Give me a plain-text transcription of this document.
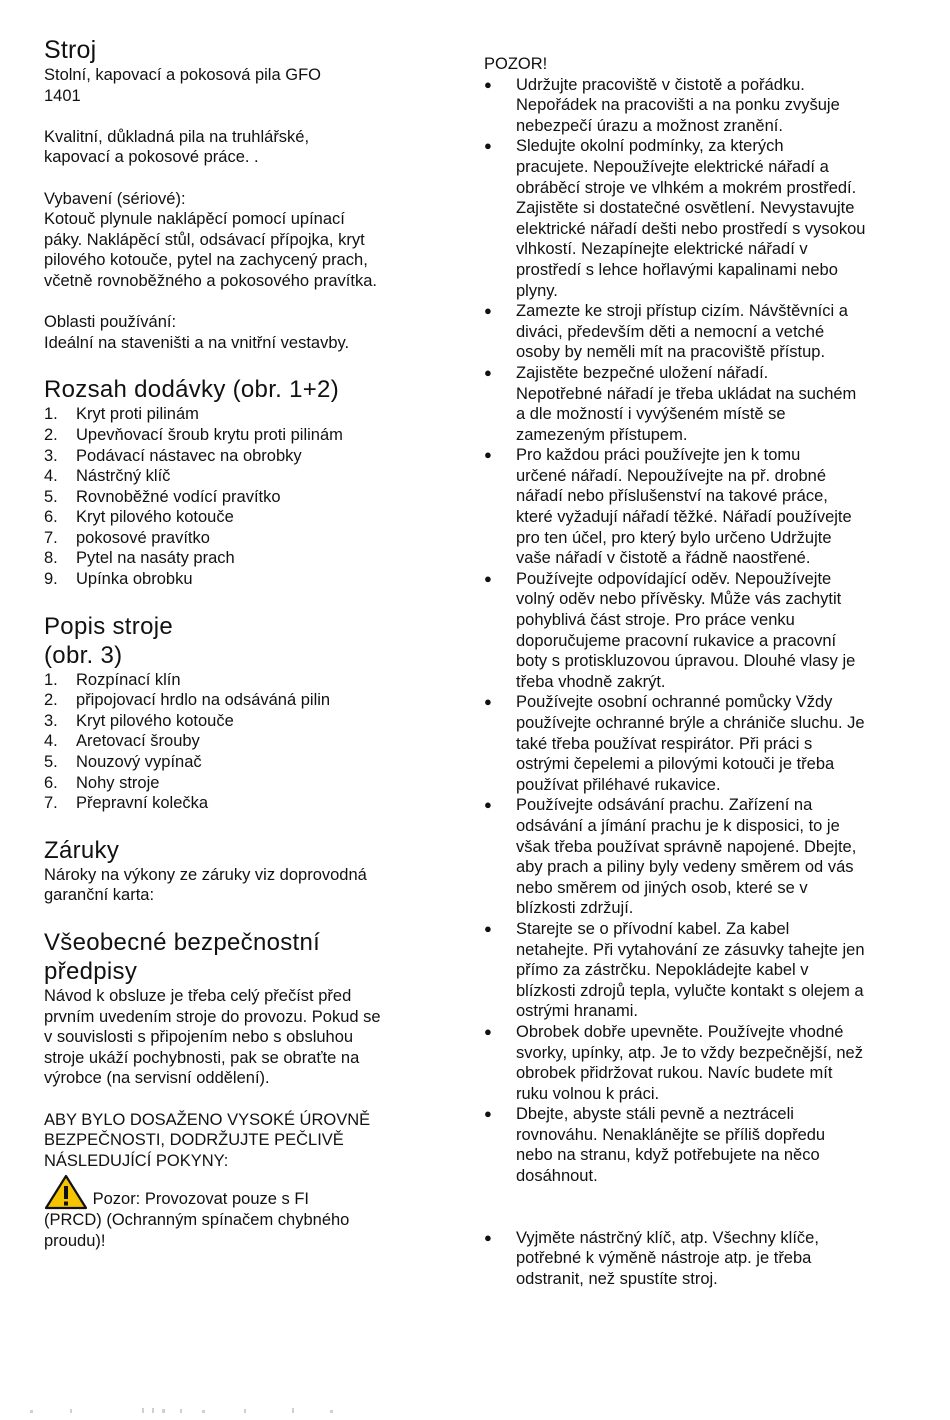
Stroj

Stolní, kapovací a pokosová pila GFO

1401

Kvalitní, důkladná pila na truhlářské,

kapovací a pokosové práce. .

Vybavení (sériové):

Kotouč plynule naklápěcí pomocí upínací

páky. Naklápěcí stůl, odsávací přípojka, kryt

pilového kotouče, pytel na zachycený prach,

včetně rovnoběžného a pokosového pravítka.

Oblasti používání:

Ideální na staveništi a na vnitřní vestavby.

Rozsah dodávky (obr. 1+2)
1. Kryt proti pilinám
2. Upevňovací šroub krytu proti pilinám
3. Podávací nástavec na obrobky
4. Nástrčný klíč
5. Rovnoběžné vodící pravítko
6. Kryt pilového kotouče
7. pokosové pravítko
8. Pytel na nasáty prach
9. Upínka obrobku
Popis stroje
(obr. 3)
1. Rozpínací klín
2. připojovací hrdlo na odsáváná pilin
3. Kryt pilového kotouče
4. Aretovací šrouby
5. Nouzový vypínač
6. Nohy stroje
7. Přepravní kolečka
Záruky

Nároky na výkony ze záruky viz doprovodná

garanční karta:

Všeobecné bezpečnostní
předpisy

Návod k obsluze je třeba celý přečíst před

prvním uvedením stroje do provozu. Pokud se

v souvislosti s připojením nebo s obsluhou

stroje ukáží pochybnosti, pak se obraťte na

výrobce (na servisní oddělení).

ABY BYLO DOSAŽENO VYSOKÉ ÚROVNĚ

BEZPEČNOSTI, DODRŽUJTE PEČLIVĚ

NÁSLEDUJÍCÍ POKYNY:

Pozor: Provozovat pouze s FI

(PRCD) (Ochranným spínačem chybného

proudu)!

POZOR!

● Udržujte pracoviště v čistotě a pořádku.
Nepořádek na pracovišti a na ponku zvyšuje
nebezpečí úrazu a možnost zranění.
● Sledujte okolní podmínky, za kterých
pracujete. Nepoužívejte elektrické nářadí a
obráběcí stroje ve vlhkém a mokrém prostředí.
Zajistěte si dostatečné osvětlení. Nevystavujte
elektrické nářadí dešti nebo prostředí s vysokou
vlhkostí. Nezapínejte elektrické nářadí v
prostředí s lehce hořlavými kapalinami nebo
plyny.
● Zamezte ke stroji přístup cizím. Návštěvníci a
diváci, především děti a nemocní a vetché
osoby by neměli mít na pracoviště přístup.
● Zajistěte bezpečné uložení nářadí.
Nepotřebné nářadí je třeba ukládat na suchém
a dle možností i vyvýšeném místě se
zamezeným přístupem.
● Pro každou práci používejte jen k tomu
určené nářadí. Nepoužívejte na př. drobné
nářadí nebo příslušenství na takové práce,
které vyžadují nářadí těžké. Nářadí používejte
pro ten účel, pro který bylo určeno Udržujte
vaše nářadí v čistotě a řádně naostřené.
● Používejte odpovídající oděv. Nepoužívejte
volný oděv nebo přívěsky. Může vás zachytit
pohyblivá část stroje. Pro práce venku
doporučujeme pracovní rukavice a pracovní
boty s protiskluzovou úpravou. Dlouhé vlasy je
třeba vhodně zakrýt.
● Používejte osobní ochranné pomůcky Vždy
používejte ochranné brýle a chrániče sluchu. Je
také třeba používat respirátor. Při práci s
ostrými čepelemi a pilovými kotouči je třeba
používat přiléhavé rukavice.
● Používejte odsávání prachu. Zařízení na
odsávání a jímání prachu je k disposici, to je
však třeba používat správně napojené. Dbejte,
aby prach a piliny byly vedeny směrem od vás
nebo směrem od jiných osob, které se v
blízkosti zdržují.
● Starejte se o přívodní kabel. Za kabel
netahejte. Při vytahování ze zásuvky tahejte jen
přímo za zástrčku. Nepokládejte kabel v
blízkosti zdrojů tepla, vylučte kontakt s olejem a
ostrými hranami.
● Obrobek dobře upevněte. Používejte vhodné
svorky, upínky, atp. Je to vždy bezpečnější, než
obrobek přidržovat rukou. Navíc budete mít
ruku volnou k práci.
● Dbejte, abyste stáli pevně a neztráceli
rovnováhu. Nenaklánějte se příliš dopředu
nebo na stranu, když potřebujete na něco
dosáhnout.
● Vyjměte nástrčný klíč, atp. Všechny klíče,
potřebné k výměně nástroje atp. je třeba
odstranit, než spustíte stroj.
